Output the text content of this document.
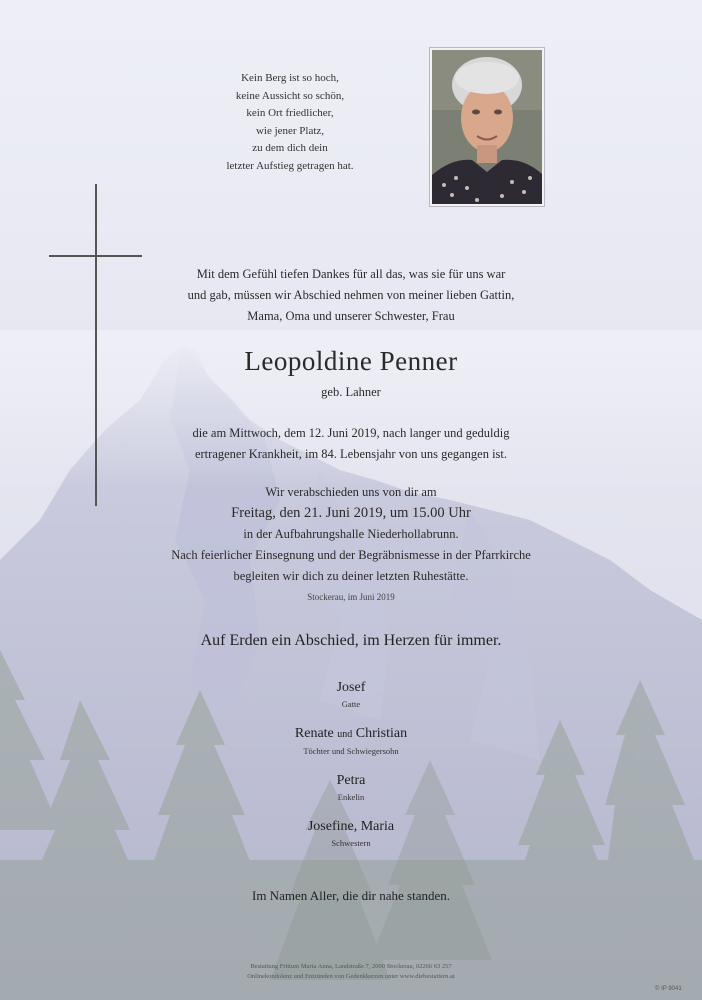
Kein Berg ist so hoch,
keine Aussicht so schön,
kein Ort friedlicher,
wie jener Platz,
zu dem dich dein
letzter Aufstieg getragen hat.
Mit dem Gefühl tiefen Dankes für all das, was sie für uns war
und gab, müssen wir Abschied nehmen von meiner lieben Gattin,
Mama, Oma und unserer Schwester, Frau
Leopoldine Penner
geb. Lahner
die am Mittwoch, dem 12. Juni 2019, nach langer und geduldig
ertragener Krankheit, im 84. Lebensjahr von uns gegangen ist.
Wir verabschieden uns von dir am
Freitag, den 21. Juni 2019, um 15.00 Uhr
in der Aufbahrungshalle Niederhollabrunn.
Nach feierlicher Einsegnung und der Begräbnismesse in der Pfarrkirche
begleiten wir dich zu deiner letzten Ruhestätte.
Stockerau, im Juni 2019
Auf Erden ein Abschied, im Herzen für immer.
Josef
Gatte
Renate und Christian
Töchter und Schwiegersohn
Petra
Enkelin
Josefine, Maria
Schwestern
Im Namen Aller, die dir nahe standen.
Bestattung Frittum Maria Anna, Landstraße 7, 2000 Stockerau, 02266 63 257
Onlinekondolenz und Entzünden von Gedenkkerzen unter www.diebestattern.at
© IP 9041
